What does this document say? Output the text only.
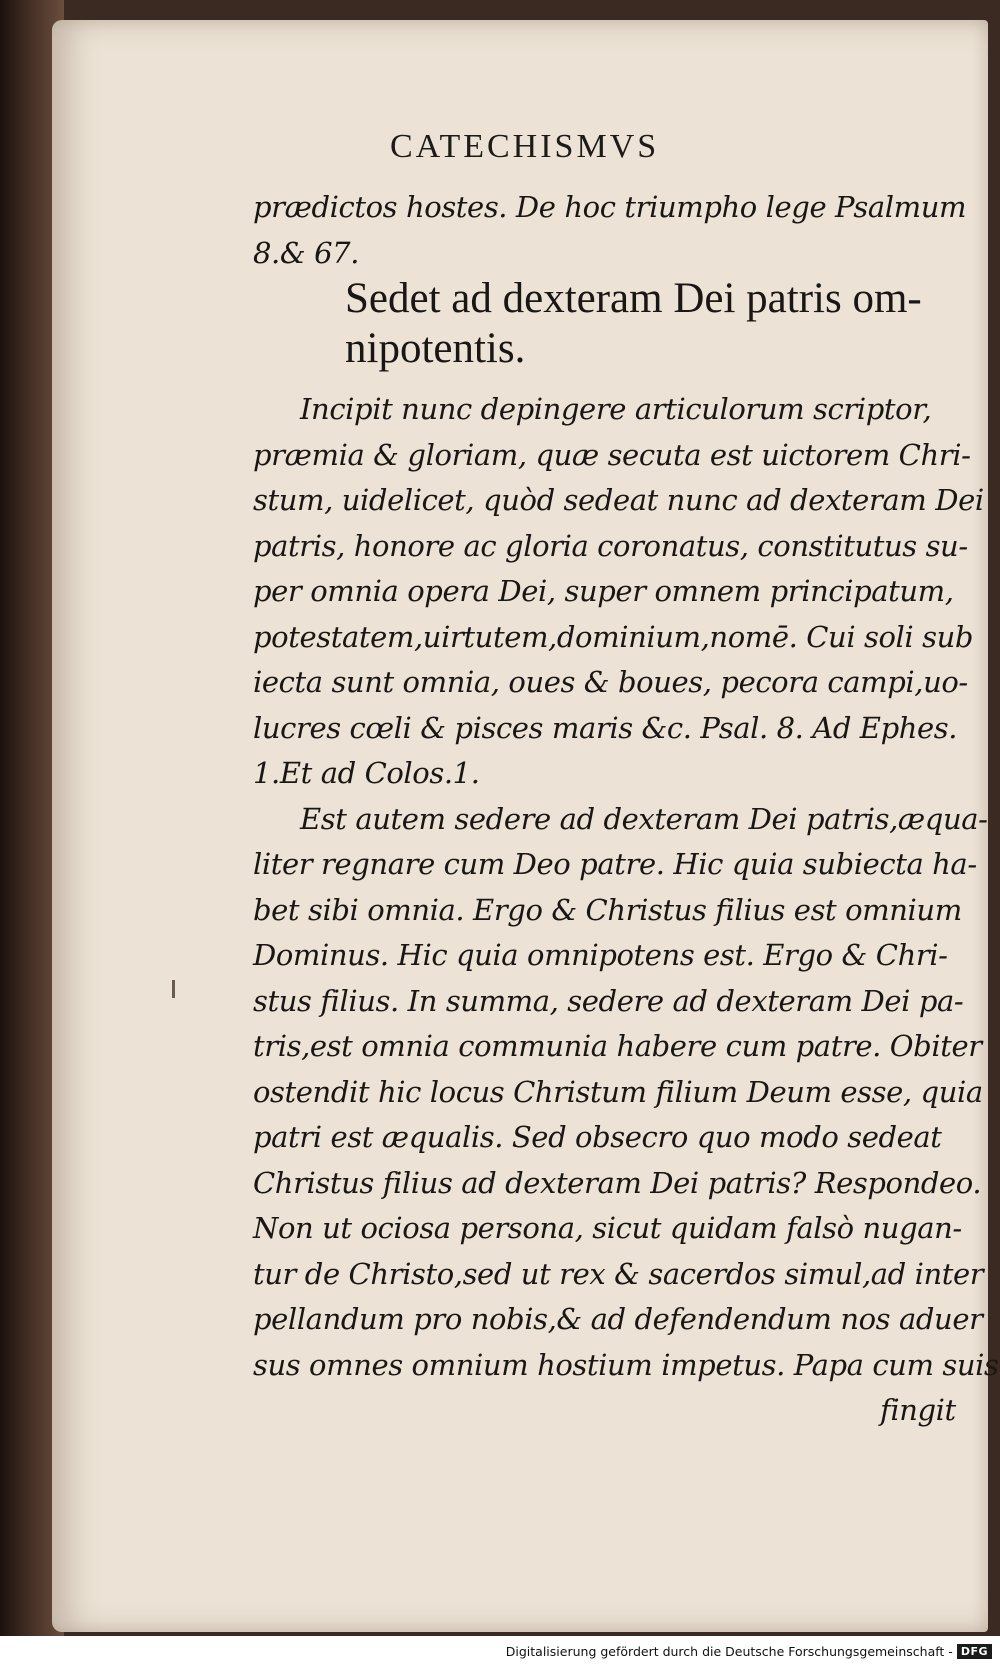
CATECHISMVS
prædictos hostes. De hoc triumpho lege Psalmum
8.& 67.
Sedet ad dexteram Dei patris om-
nipotentis.
Incipit nunc depingere articulorum scriptor,
præmia & gloriam, quæ secuta est uictorem Chri-
stum, uidelicet, quòd sedeat nunc ad dexteram Dei
patris, honore ac gloria coronatus, constitutus su-
per omnia opera Dei, super omnem principatum,
potestatem,uirtutem,dominium,nomē. Cui soli sub
iecta sunt omnia, oues & boues, pecora campi,uo-
lucres cœli & pisces maris &c. Psal. 8. Ad Ephes.
1.Et ad Colos.1.
Est autem sedere ad dexteram Dei patris,æqua-
liter regnare cum Deo patre. Hic quia subiecta ha-
bet sibi omnia. Ergo & Christus filius est omnium
Dominus. Hic quia omnipotens est. Ergo & Chri-
stus filius. In summa, sedere ad dexteram Dei pa-
tris,est omnia communia habere cum patre. Obiter
ostendit hic locus Christum filium Deum esse, quia
patri est æqualis. Sed obsecro quo modo sedeat
Christus filius ad dexteram Dei patris? Respondeo.
Non ut ociosa persona, sicut quidam falsò nugan-
tur de Christo,sed ut rex & sacerdos simul,ad inter
pellandum pro nobis,& ad defendendum nos aduer
sus omnes omnium hostium impetus. Papa cum suis
fingit
Digitalisierung gefördert durch die Deutsche Forschungsgemeinschaft - DFG
